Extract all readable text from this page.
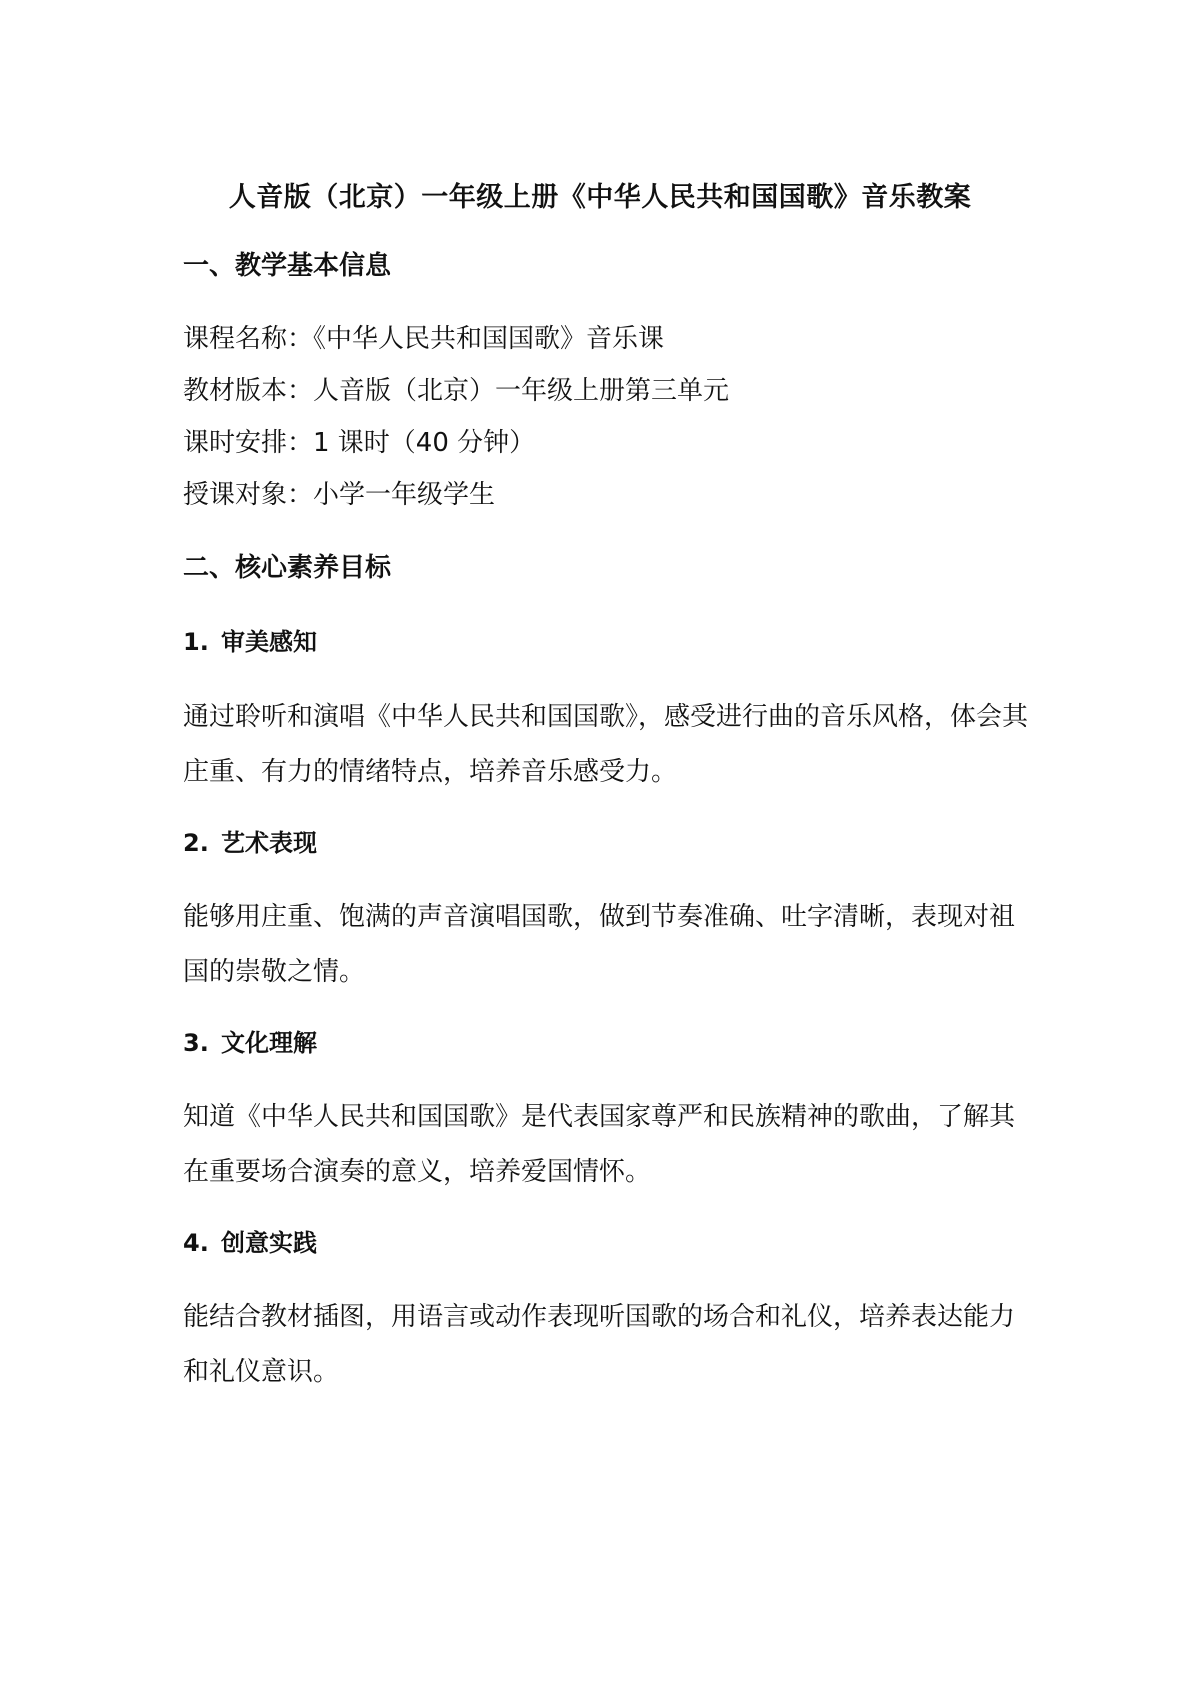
人音版（北京）一年级上册《中华人民共和国国歌》音乐教案
一、教学基本信息

课程名称：《中华人民共和国国歌》音乐课

教材版本：人音版（北京）一年级上册第三单元

课时安排：1 课时（40 分钟）

授课对象：小学一年级学生

二、核心素养目标
1. 审美感知

通过聆听和演唱《中华人民共和国国歌》，感受进行曲的音乐风格，体会其庄重、有力的情绪特点，培养音乐感受力。

2. 艺术表现

能够用庄重、饱满的声音演唱国歌，做到节奏准确、吐字清晰，表现对祖国的崇敬之情。

3. 文化理解

知道《中华人民共和国国歌》是代表国家尊严和民族精神的歌曲，了解其在重要场合演奏的意义，培养爱国情怀。

4. 创意实践

能结合教材插图，用语言或动作表现听国歌的场合和礼仪，培养表达能力和礼仪意识。
